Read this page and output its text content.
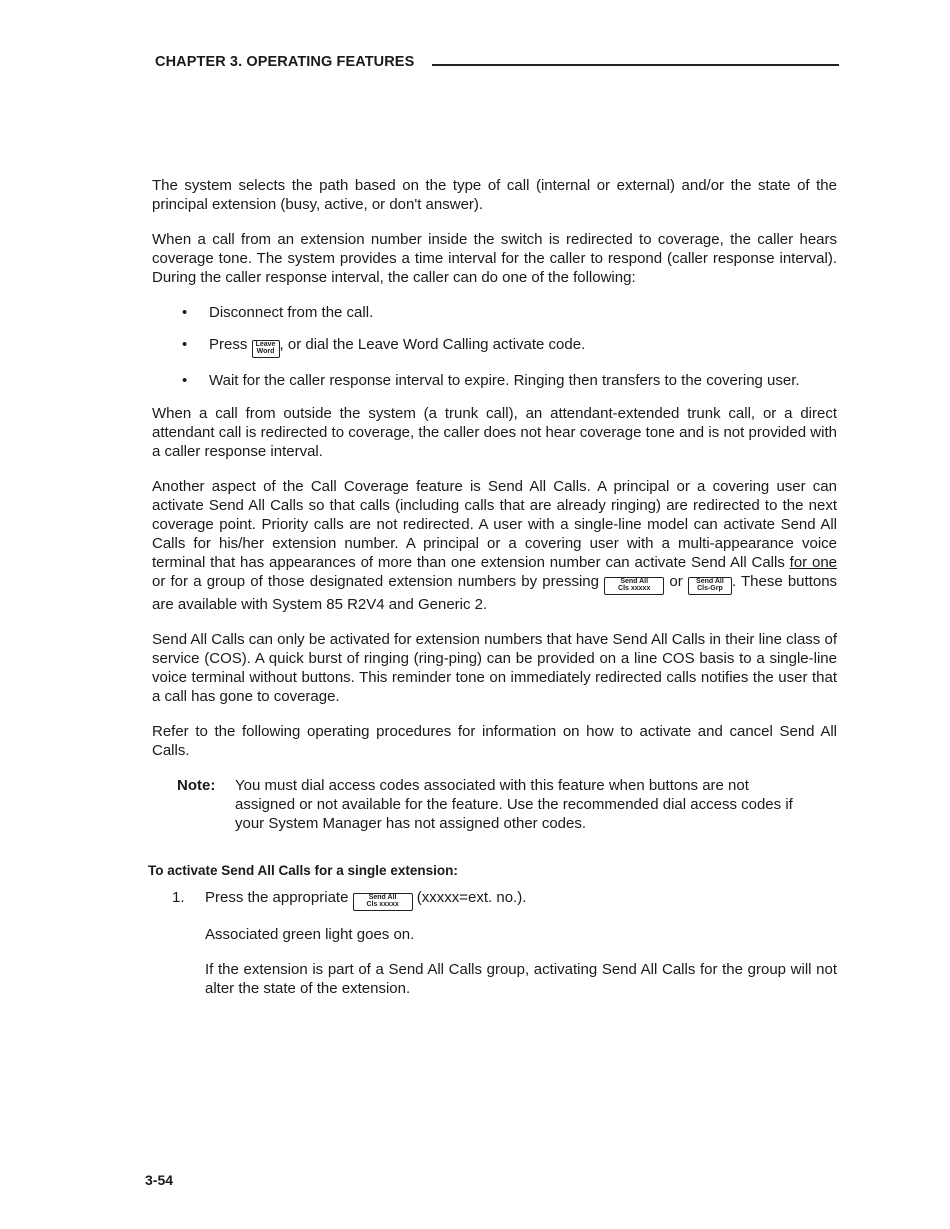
CHAPTER 3. OPERATING FEATURES

The system selects the path based on the type of call (internal or external) and/or the state of the principal extension (busy, active, or don't answer).

When a call from an extension number inside the switch is redirected to coverage, the caller hears coverage tone. The system provides a time interval for the caller to respond (caller response interval). During the caller response interval, the caller can do one of the following:

• Disconnect from the call.
• Press Leave
Word , or dial the Leave Word Calling activate code.
• Wait for the caller response interval to expire. Ringing then transfers to the covering user.

When a call from outside the system (a trunk call), an attendant-extended trunk call, or a direct attendant call is redirected to coverage, the caller does not hear coverage tone and is not provided with a caller response interval.

Another aspect of the Call Coverage feature is Send All Calls. A principal or a covering user can activate Send All Calls so that calls (including calls that are already ringing) are redirected to the next coverage point. Priority calls are not redirected. A user with a single-line model can activate Send All Calls for his/her extension number. A principal or a covering user with a multi-appearance voice terminal that has appearances of more than one extension number can activate Send All Calls for one or for a group of those designated extension numbers by pressing	Send All
Cls xxxxx	or	Send All
Cls-Grp . These buttons are available with System 85 R2V4 and Generic 2.

Send All Calls can only be activated for extension numbers that have Send All Calls in their line class of service (COS). A quick burst of ringing (ring-ping) can be provided on a line COS basis to a single-line voice terminal without buttons. This reminder tone on immediately redirected calls notifies the user that a call has gone to coverage.

Refer to the following operating procedures for information on how to activate and cancel Send All Calls.

Note:	You must dial access codes associated with this feature when buttons are not assigned or not available for the feature. Use the recommended dial access codes if your System Manager has not assigned other codes.
To activate Send All Calls for a single extension:
1.	Press the appropriate	Send All
Cls xxxxx	(xxxxx=ext. no.).

Associated green light goes on.

If the extension is part of a Send All Calls group, activating Send All Calls for the group will not alter the state of the extension.

3-54
